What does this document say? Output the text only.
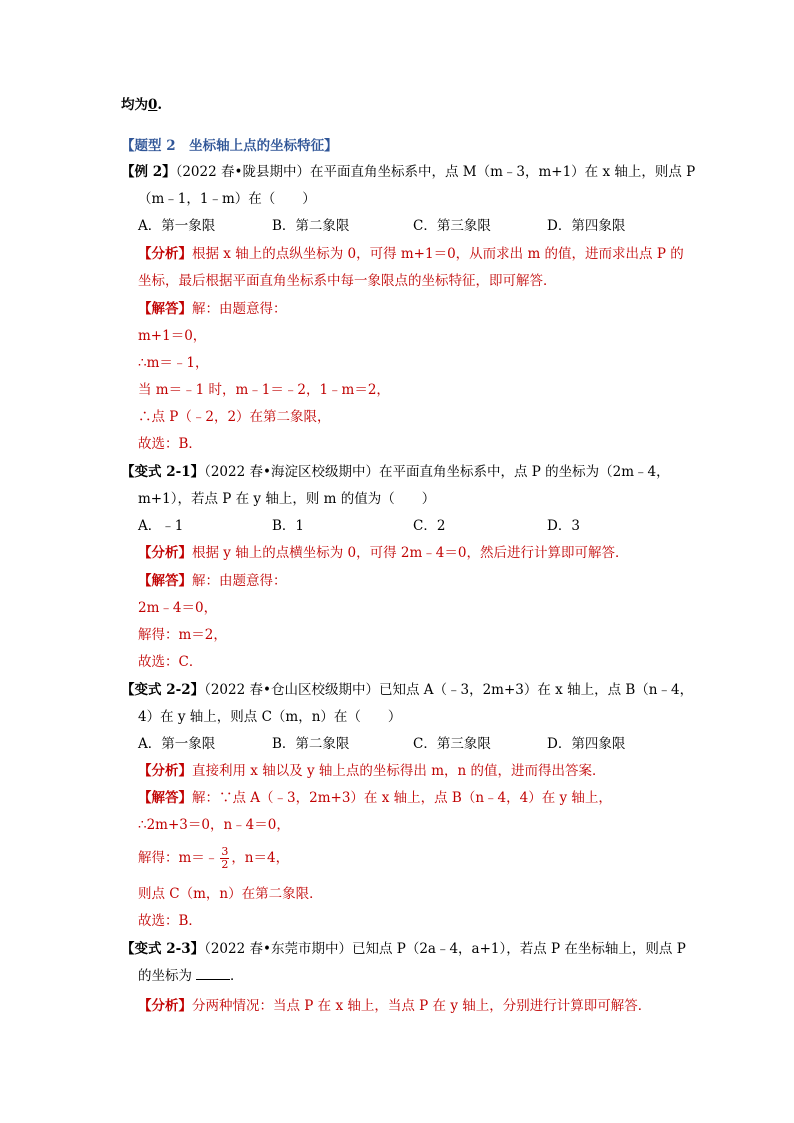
均为0.
【题型 2　坐标轴上点的坐标特征】
【例 2】（2022 春•陇县期中）在平面直角坐标系中，点 M（m﹣3，m+1）在 x 轴上，则点 P
（m﹣1，1﹣m）在（　　）
A．第一象限	B．第二象限	C．第三象限	D．第四象限
【分析】根据 x 轴上的点纵坐标为 0，可得 m+1＝0，从而求出 m 的值，进而求出点 P 的
坐标，最后根据平面直角坐标系中每一象限点的坐标特征，即可解答．
【解答】解：由题意得：
m+1＝0，
∴m＝﹣1，
当 m＝﹣1 时，m﹣1＝﹣2，1﹣m＝2，
∴点 P（﹣2，2）在第二象限，
故选：B．
【变式 2-1】（2022 春•海淀区校级期中）在平面直角坐标系中，点 P 的坐标为（2m﹣4，
m+1），若点 P 在 y 轴上，则 m 的值为（　　）
A．﹣1	B．1	C．2	D．3
【分析】根据 y 轴上的点横坐标为 0，可得 2m﹣4＝0，然后进行计算即可解答．
【解答】解：由题意得：
2m﹣4＝0，
解得：m＝2，
故选：C．
【变式 2-2】（2022 春•仓山区校级期中）已知点 A（﹣3，2m+3）在 x 轴上，点 B（n﹣4，
4）在 y 轴上，则点 C（m，n）在（　　）
A．第一象限	B．第二象限	C．第三象限	D．第四象限
【分析】直接利用 x 轴以及 y 轴上点的坐标得出 m，n 的值，进而得出答案．
【解答】解：∵点 A（﹣3，2m+3）在 x 轴上，点 B（n﹣4，4）在 y 轴上，
∴2m+3＝0，n﹣4＝0，
解得：m＝﹣ $\frac{3}{2}$ ，n＝4，
则点 C（m，n）在第二象限．
故选：B．
【变式 2-3】（2022 春•东莞市期中）已知点 P（2a﹣4，a+1），若点 P 在坐标轴上，则点 P
的坐标为	．
【分析】分两种情况：当点 P 在 x 轴上，当点 P 在 y 轴上，分别进行计算即可解答．
